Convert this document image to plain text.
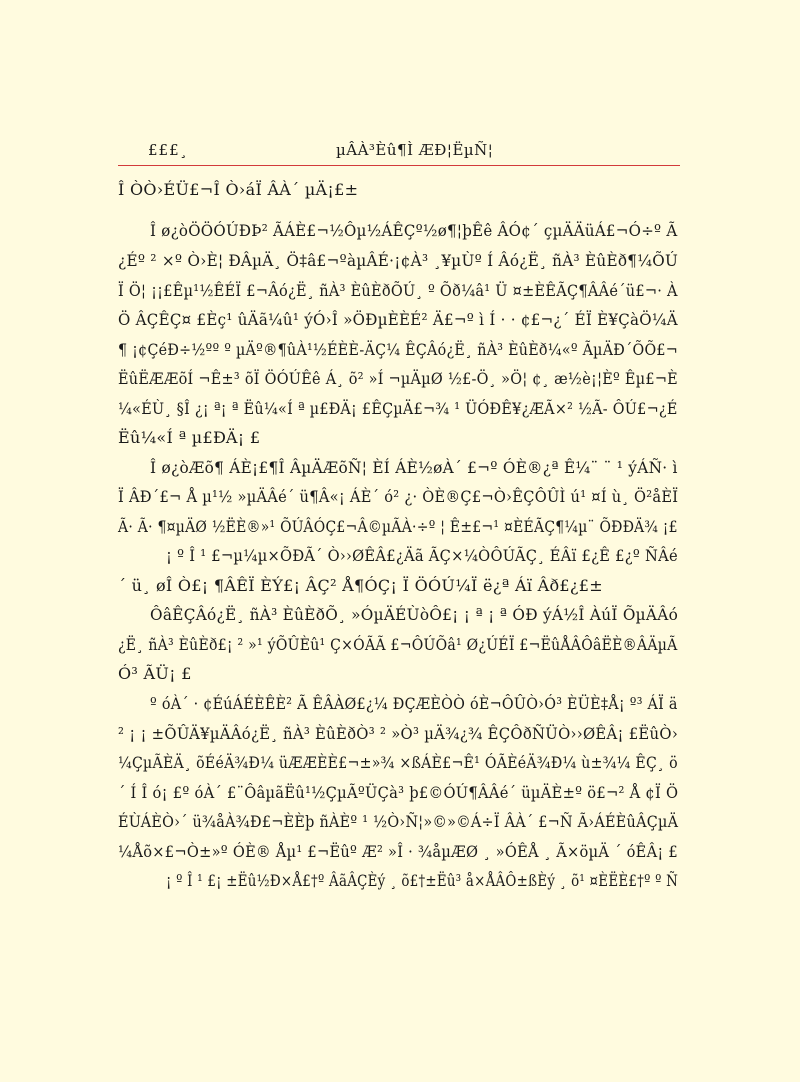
£££¸	µÂÀ³Èû¶Ì ÆÐ¦ËµÑ¦
Î ÒÒ›ÉÜ£¬Î Ò›áÏ ÂÀ´ µÄ¡£±
Î ø¿òÖÖÓÚÐÞ² ÃÁÈ£¬½Ôµ½ÁÊÇº½ø¶¦þÊê ÂÓ¢´ çµÄÄüÁ£¬Ó÷º Ã
¿Éº ² ×º Ò›È¦ ÐÂµÄ¸ Ö‡â£¬ºàµÂÉ·¡¢À³ ¸¥µÙº Í Âó¿Ë¸ ñÀ³ ÈûÈð¶¼ÕÚ
Ï Ö¦ ¡¡£Êµ¹½ÊÉÏ £¬Âó¿Ë¸ ñÀ³ ÈûÈðÕÚ¸ º Õð¼â¹ Ü ¤±ÈÊÃÇ¶ÂÂé´ü£¬· À
Ö ÂÇÊÇ¤ £Èç¹ ûÄã¼û¹ ýÓ›Î »ÖÐµÈÈÉ² Ä£¬º ì Í · · ¢£¬¿´ ÉÏ È¥ÇàÖ¼Ä
¶ ¡¢ÇéÐ÷½ºº º µÄº®¶ûÀ¹½ÉÈÈ-ÄÇ¼ ÊÇÂó¿Ë¸ ñÀ³ ÈûÈð¼«º ÃµÄÐ´ÕÕ£¬
ËûËÆÆõÍ ¬Ê±³ õÏ ÖÓÚÊê Á¸ õ² »Í ¬µÄµØ ½£-Ö¸ »Ö¦ ¢¸ æ½è¡¦Èº Êµ£¬È
¼«ÉÙ¸ §Î ¿¡ ª¡ ª Ëû¼«Í ª µ£ÐÄ¡ £ÊÇµÄ£¬¾ ¹ ÜÓÐÊ¥¿ÆÃ×² ½Ã- ÔÚ£¬¿É
Ëû¼«Í ª µ£ÐÄ¡ £
Î ø¿òÆõ¶ ÁÈ¡£¶Î ÂµÄÆõÑ¦ ÈÍ ÁÈ½øÀ´ £¬º ÓÈ®¿ª Ê¼¨ ¨ ¹ ýÁÑ· ì
Ï ÂÐ´£¬ Å µ¹½ »µÄÂé´ ü¶Â«¡ ÁÈ´ ó² ¿· ÒÈ®Ç£¬Ò›ÊÇÔÛÌ ú¹ ¤Í ù¸ Ö²åÈÏ
Ã· Ã· ¶¤µÄØ ½ËÈ®»¹ ÕÚÂÓÇ£¬Â©µÃÀ·÷º ¦ Ê±£¬¹ ¤ÈÉÃÇ¶¼µ¨ ÕÐÐÄ¾ ¡£
¡ º Î ¹ £¬µ¼µ×ÕÐÃ´ Ò››ØÊÂ£¿Äã ÃÇ×¼ÒÔÚÃÇ¸ ÉÂï £¿Ê £¿º ÑÂé
´ ü¸ øÎ Ò£¡ ¶ÂÊÏ ÈÝ£¡ ÂÇ² Å¶ÓÇ¡ Ï ÖÓÚ¼Ï ë¿ª Áï Âð£¿£±
ÔâÊÇÂó¿Ë¸ ñÀ³ ÈûÈðÕ¸ »ÓµÄÉÙòÔ£¡ ¡ ª ¡ ª ÓÐ ýÁ½Î ÀúÏ ÕµÄÂó
¿Ë¸ ñÀ³ ÈûÈð£¡ ² »¹ ýÕÛÈû¹ Ç×ÓÃÃ £¬ÔÚÕâ¹ Ø¿ÚÉÏ £¬ËûÅÂÔâËÈ®ÂÄµÃ
Ó³ ÃÜ¡ £
º óÀ´ · ¢ÉúÁÉÈÊÈ² Ã ÊÂÀØ£¿¼ ÐÇÆÈÒÒ óÈ¬ÔÛÒ›Ó³ ÈÜÈ‡Å¡ º³ ÁÏ ä
² ¡ ¡ ±ÕÛÄ¥µÄÂó¿Ë¸ ñÀ³ ÈûÈðÒ³ ² »Ò³ µÄ¾¿¾ ÊÇÔðÑÜÒ››ØÊÂ¡ £ËûÒ›
¼ÇµÃÈÄ¸ õÉéÄ¾Ð¼ üÆÆÈÈ£¬±»¾ ×ßÁÈ£¬Ê¹ ÓÃÈéÄ¾Ð¼ ù±¾¼ ÊÇ¸ ö
´ Í Î ó¡ £º óÀ´ £¨ÔâµãËû¹½ÇµÃºÜÇà³ þ£©ÓÚ¶ÂÂé´ üµÄÈ±º ö£¬² Å ¢Ï Ö
ÉÙÁÈÒ›´ ü¾åÀ¾Ð£¬ÈÈþ ñÀÈº ¹ ½Ò›Ñ¦»©»©Á÷Ï ÂÀ´ £¬Ñ Ã›ÁÉÈûÂÇµÄ
¼Åõ×£¬Ò±»º ÓÈ® Åµ¹ £¬Ëûº Æ² »Î · ¾åµÆØ ¸ »ÓÊÅ ¸ Ã×öµÄ ´ óÊÂ¡ £
¡ º Î ¹ £¡ ±Ëû½Ð×Å£†º ÂãÂÇÈý ¸ õ£†±Ëû³ å×ÅÂÔ±ßÈý ¸ õ¹ ¤ÈËÈ£†º º Ñ
